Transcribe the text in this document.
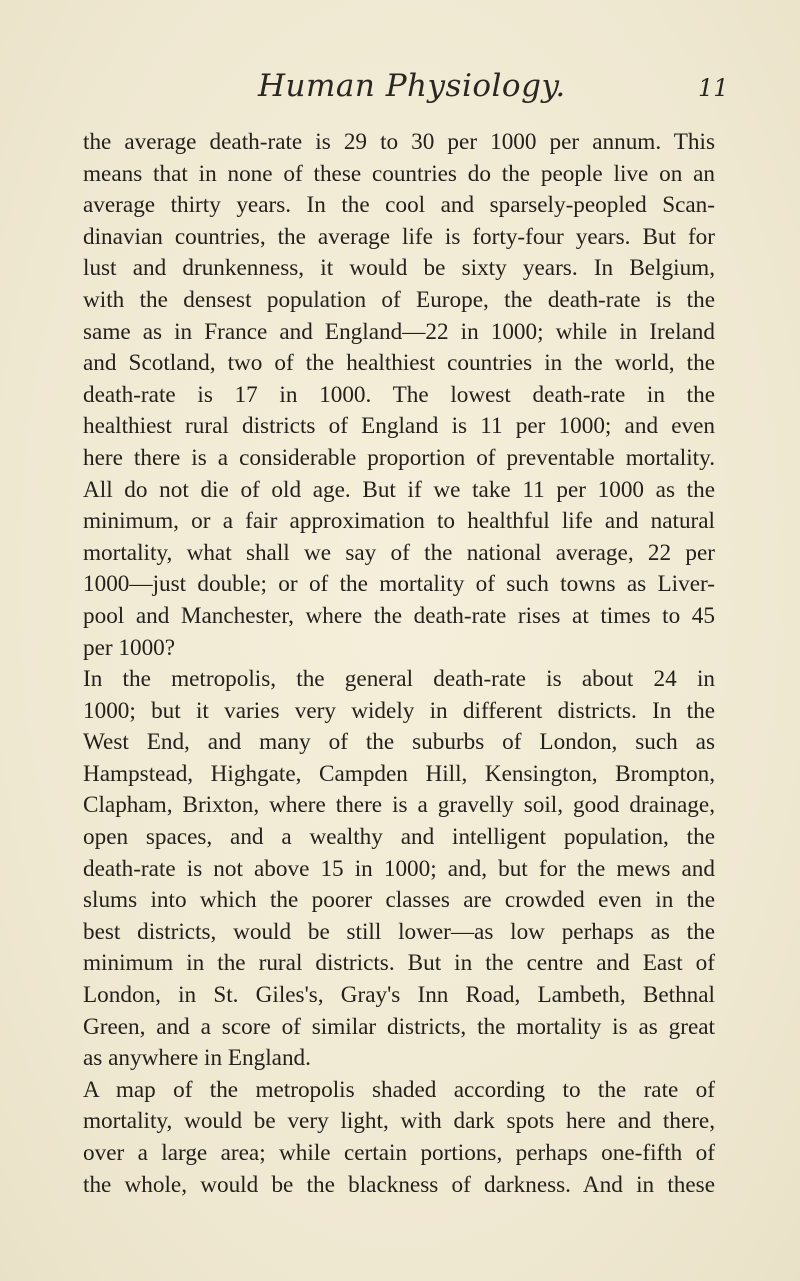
Human Physiology.	11
the average death-rate is 29 to 30 per 1000 per annum. This
means that in none of these countries do the people live on an
average thirty years. In the cool and sparsely-peopled Scan-
dinavian countries, the average life is forty-four years. But for
lust and drunkenness, it would be sixty years. In Belgium,
with the densest population of Europe, the death-rate is the
same as in France and England—22 in 1000; while in Ireland
and Scotland, two of the healthiest countries in the world, the
death-rate is 17 in 1000. The lowest death-rate in the
healthiest rural districts of England is 11 per 1000; and even
here there is a considerable proportion of preventable mortality.
All do not die of old age. But if we take 11 per 1000 as the
minimum, or a fair approximation to healthful life and natural
mortality, what shall we say of the national average, 22 per
1000—just double; or of the mortality of such towns as Liver-
pool and Manchester, where the death-rate rises at times to 45
per 1000?
In the metropolis, the general death-rate is about 24 in
1000; but it varies very widely in different districts. In the
West End, and many of the suburbs of London, such as
Hampstead, Highgate, Campden Hill, Kensington, Brompton,
Clapham, Brixton, where there is a gravelly soil, good drainage,
open spaces, and a wealthy and intelligent population, the
death-rate is not above 15 in 1000; and, but for the mews and
slums into which the poorer classes are crowded even in the
best districts, would be still lower—as low perhaps as the
minimum in the rural districts. But in the centre and East of
London, in St. Giles's, Gray's Inn Road, Lambeth, Bethnal
Green, and a score of similar districts, the mortality is as great
as anywhere in England.
A map of the metropolis shaded according to the rate of
mortality, would be very light, with dark spots here and there,
over a large area; while certain portions, perhaps one-fifth of
the whole, would be the blackness of darkness. And in these
